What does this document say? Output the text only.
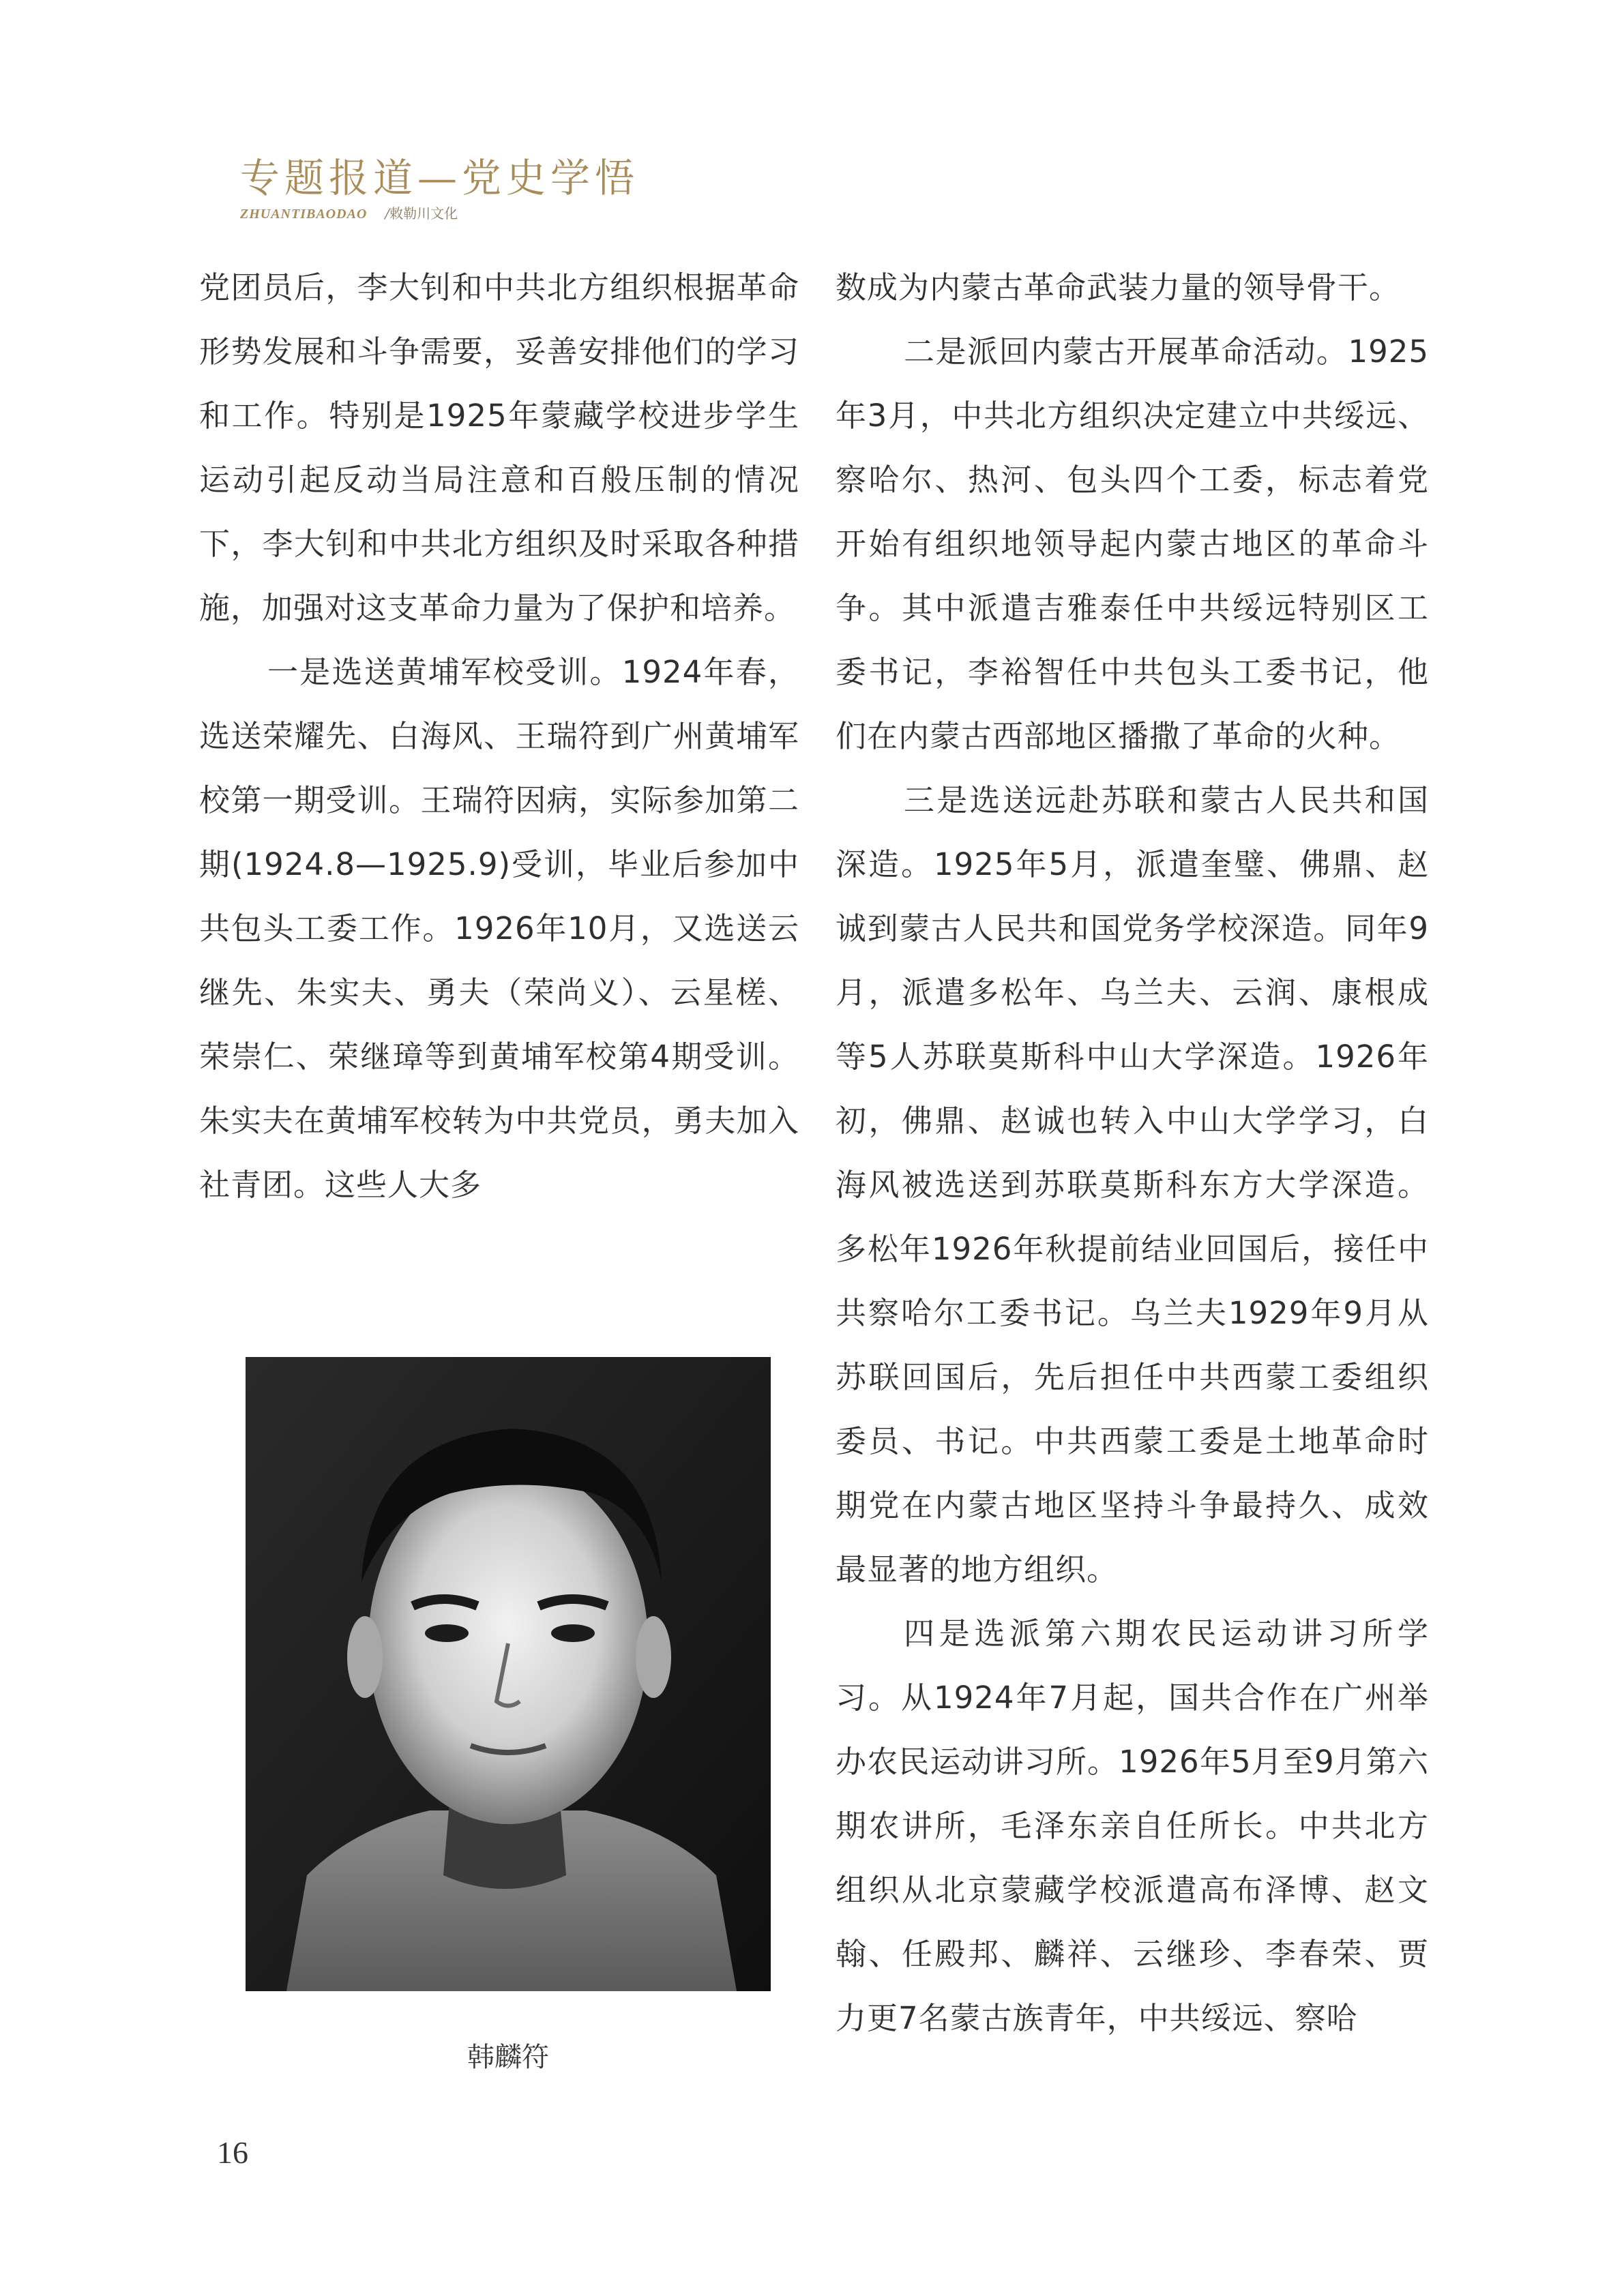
专题报道—党史学悟
ZHUANTIBAODAO /敕勒川文化

党团员后，李大钊和中共北方组织根据革命形势发展和斗争需要，妥善安排他们的学习和工作。特别是1925年蒙藏学校进步学生运动引起反动当局注意和百般压制的情况下，李大钊和中共北方组织及时采取各种措施，加强对这支革命力量为了保护和培养。

一是选送黄埔军校受训。1924年春，选送荣耀先、白海风、王瑞符到广州黄埔军校第一期受训。王瑞符因病，实际参加第二期(1924.8—1925.9)受训，毕业后参加中共包头工委工作。1926年10月，又选送云继先、朱实夫、勇夫（荣尚义）、云星槎、荣崇仁、荣继璋等到黄埔军校第4期受训。朱实夫在黄埔军校转为中共党员，勇夫加入社青团。这些人大多

韩麟符

数成为内蒙古革命武装力量的领导骨干。

二是派回内蒙古开展革命活动。1925年3月，中共北方组织决定建立中共绥远、察哈尔、热河、包头四个工委，标志着党开始有组织地领导起内蒙古地区的革命斗争。其中派遣吉雅泰任中共绥远特别区工委书记，李裕智任中共包头工委书记，他们在内蒙古西部地区播撒了革命的火种。

三是选送远赴苏联和蒙古人民共和国深造。1925年5月，派遣奎璧、佛鼎、赵诚到蒙古人民共和国党务学校深造。同年9月，派遣多松年、乌兰夫、云润、康根成等5人苏联莫斯科中山大学深造。1926年初，佛鼎、赵诚也转入中山大学学习，白海风被选送到苏联莫斯科东方大学深造。多松年1926年秋提前结业回国后，接任中共察哈尔工委书记。乌兰夫1929年9月从苏联回国后，先后担任中共西蒙工委组织委员、书记。中共西蒙工委是土地革命时期党在内蒙古地区坚持斗争最持久、成效最显著的地方组织。

四是选派第六期农民运动讲习所学习。从1924年7月起，国共合作在广州举办农民运动讲习所。1926年5月至9月第六期农讲所，毛泽东亲自任所长。中共北方组织从北京蒙藏学校派遣高布泽博、赵文翰、任殿邦、麟祥、云继珍、李春荣、贾力更7名蒙古族青年，中共绥远、察哈

16
